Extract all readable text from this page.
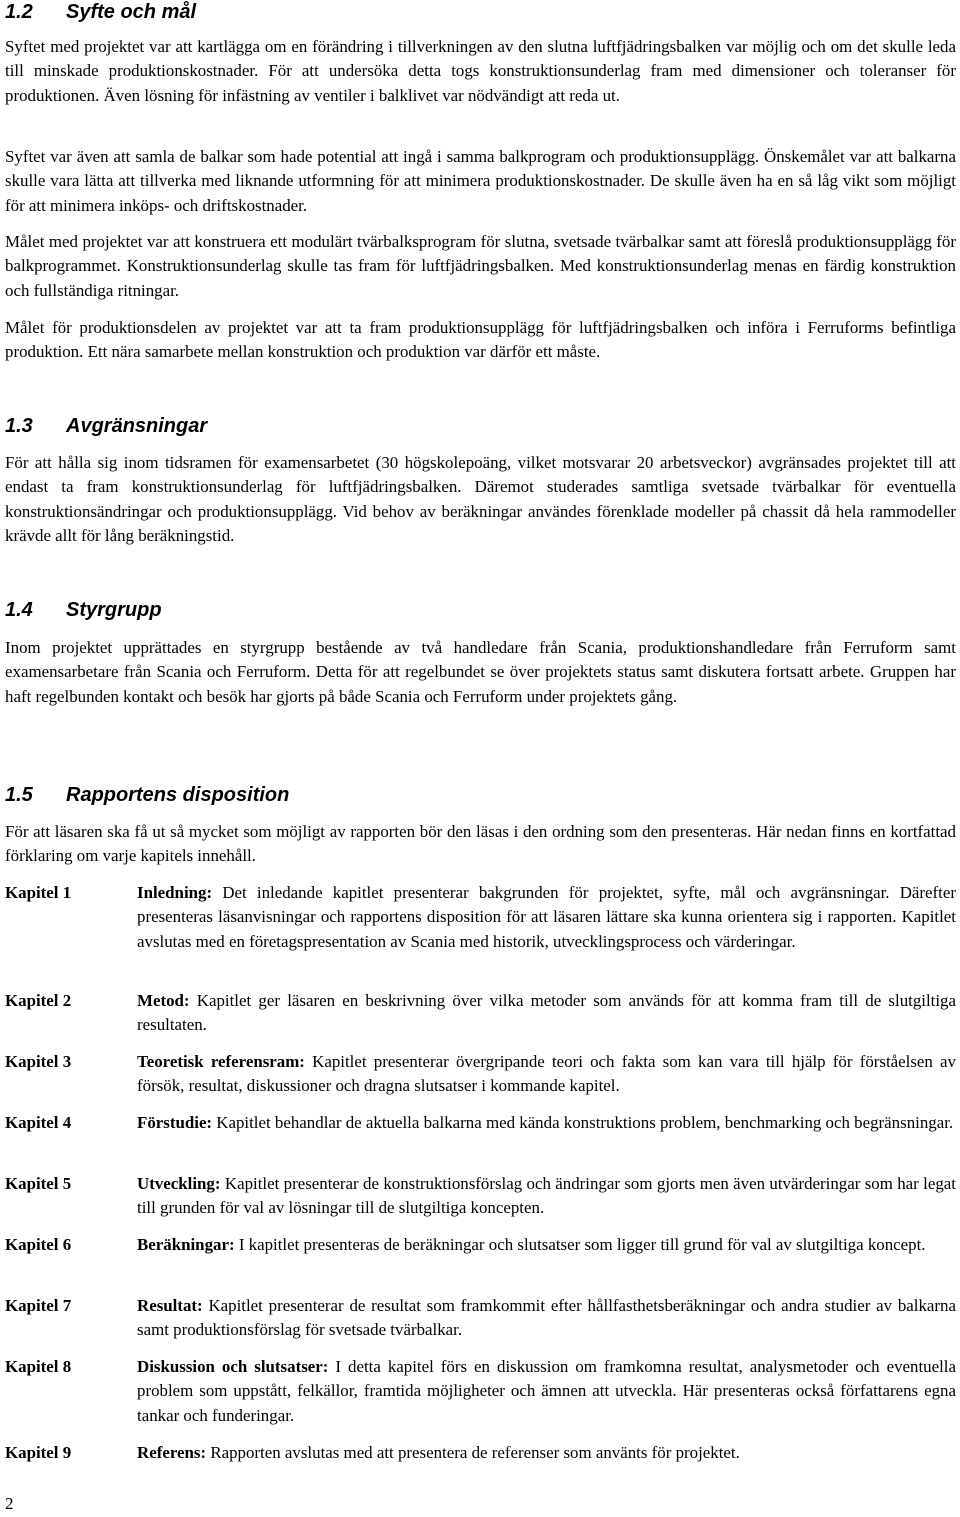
1.2 Syfte och mål

Syftet med projektet var att kartlägga om en förändring i tillverkningen av den slutna luftfjädringsbalken var möjlig och om det skulle leda till minskade produktionskostnader. För att undersöka detta togs konstruktionsunderlag fram med dimensioner och toleranser för produktionen. Även lösning för infästning av ventiler i balklivet var nödvändigt att reda ut.

Syftet var även att samla de balkar som hade potential att ingå i samma balkprogram och produktionsupplägg. Önskemålet var att balkarna skulle vara lätta att tillverka med liknande utformning för att minimera produktionskostnader. De skulle även ha en så låg vikt som möjligt för att minimera inköps- och driftskostnader.

Målet med projektet var att konstruera ett modulärt tvärbalksprogram för slutna, svetsade tvärbalkar samt att föreslå produktionsupplägg för balkprogrammet. Konstruktionsunderlag skulle tas fram för luftfjädringsbalken. Med konstruktionsunderlag menas en färdig konstruktion och fullständiga ritningar.

Målet för produktionsdelen av projektet var att ta fram produktionsupplägg för luftfjädringsbalken och införa i Ferruforms befintliga produktion. Ett nära samarbete mellan konstruktion och produktion var därför ett måste.

1.3 Avgränsningar

För att hålla sig inom tidsramen för examensarbetet (30 högskolepoäng, vilket motsvarar 20 arbetsveckor) avgränsades projektet till att endast ta fram konstruktionsunderlag för luftfjädringsbalken. Däremot studerades samtliga svetsade tvärbalkar för eventuella konstruktionsändringar och produktionsupplägg. Vid behov av beräkningar användes förenklade modeller på chassit då hela rammodeller krävde allt för lång beräkningstid.

1.4 Styrgrupp

Inom projektet upprättades en styrgrupp bestående av två handledare från Scania, produktionshandledare från Ferruform samt examensarbetare från Scania och Ferruform. Detta för att regelbundet se över projektets status samt diskutera fortsatt arbete. Gruppen har haft regelbunden kontakt och besök har gjorts på både Scania och Ferruform under projektets gång.

1.5 Rapportens disposition

För att läsaren ska få ut så mycket som möjligt av rapporten bör den läsas i den ordning som den presenteras. Här nedan finns en kortfattad förklaring om varje kapitels innehåll.

Kapitel 1	Inledning: Det inledande kapitlet presenterar bakgrunden för projektet, syfte, mål och avgränsningar. Därefter presenteras läsanvisningar och rapportens disposition för att läsaren lättare ska kunna orientera sig i rapporten. Kapitlet avslutas med en företagspresentation av Scania med historik, utvecklingsprocess och värderingar.
Kapitel 2	Metod: Kapitlet ger läsaren en beskrivning över vilka metoder som används för att komma fram till de slutgiltiga resultaten.
Kapitel 3	Teoretisk referensram: Kapitlet presenterar övergripande teori och fakta som kan vara till hjälp för förståelsen av försök, resultat, diskussioner och dragna slutsatser i kommande kapitel.
Kapitel 4	Förstudie: Kapitlet behandlar de aktuella balkarna med kända konstruktions problem, benchmarking och begränsningar.
Kapitel 5	Utveckling: Kapitlet presenterar de konstruktionsförslag och ändringar som gjorts men även utvärderingar som har legat till grunden för val av lösningar till de slutgiltiga koncepten.
Kapitel 6	Beräkningar: I kapitlet presenteras de beräkningar och slutsatser som ligger till grund för val av slutgiltiga koncept.
Kapitel 7	Resultat: Kapitlet presenterar de resultat som framkommit efter hållfasthetsberäkningar och andra studier av balkarna samt produktionsförslag för svetsade tvärbalkar.
Kapitel 8	Diskussion och slutsatser: I detta kapitel förs en diskussion om framkomna resultat, analysmetoder och eventuella problem som uppstått, felkällor, framtida möjligheter och ämnen att utveckla. Här presenteras också författarens egna tankar och funderingar.
Kapitel 9	Referens: Rapporten avslutas med att presentera de referenser som använts för projektet.
2
